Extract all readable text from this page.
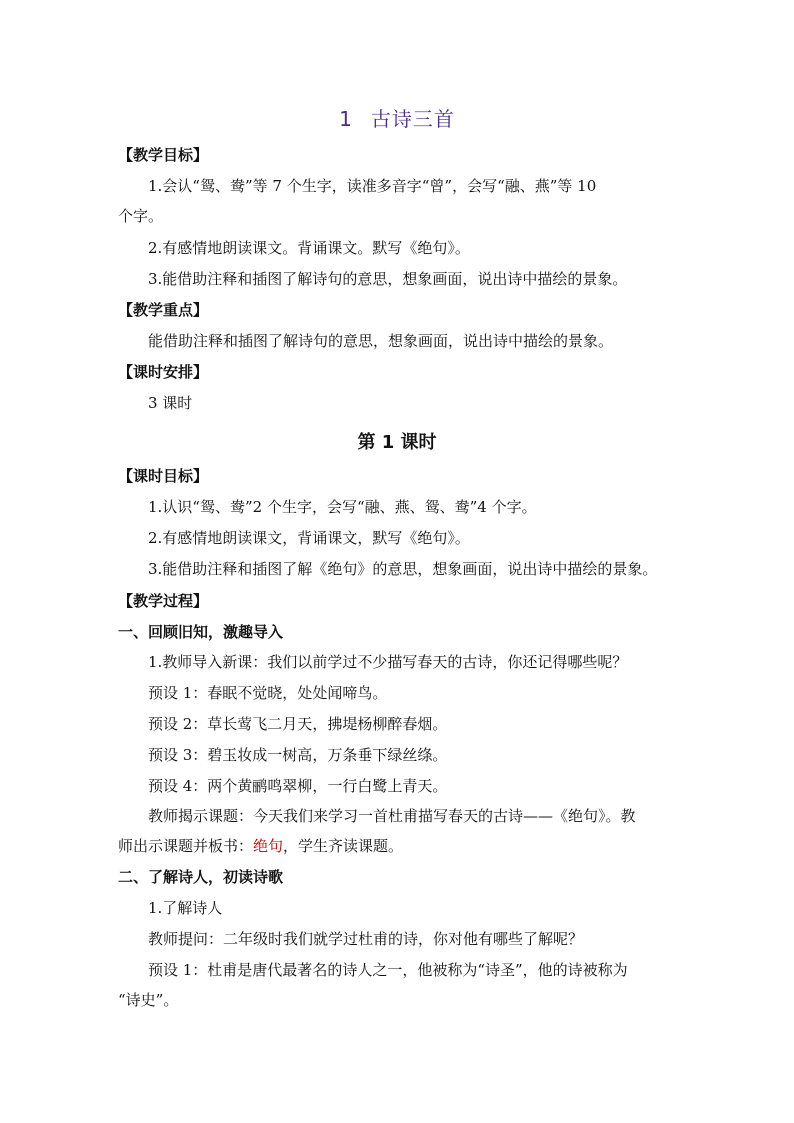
1 古诗三首
【教学目标】
1.会认“鸳、鸯”等 7 个生字，读准多音字“曾”，会写“融、燕”等 10
个字。
2.有感情地朗读课文。背诵课文。默写《绝句》。
3.能借助注释和插图了解诗句的意思，想象画面，说出诗中描绘的景象。
【教学重点】
能借助注释和插图了解诗句的意思，想象画面，说出诗中描绘的景象。
【课时安排】
3 课时
第 1 课时
【课时目标】
1.认识“鸳、鸯”2 个生字，会写“融、燕、鸳、鸯”4 个字。
2.有感情地朗读课文，背诵课文，默写《绝句》。
3.能借助注释和插图了解《绝句》的意思，想象画面，说出诗中描绘的景象。
【教学过程】
一、回顾旧知，激趣导入
1.教师导入新课：我们以前学过不少描写春天的古诗，你还记得哪些呢？
预设 1：春眠不觉晓，处处闻啼鸟。
预设 2：草长莺飞二月天，拂堤杨柳醉春烟。
预设 3：碧玉妆成一树高，万条垂下绿丝绦。
预设 4：两个黄鹂鸣翠柳，一行白鹭上青天。
教师揭示课题：今天我们来学习一首杜甫描写春天的古诗——《绝句》。教
师出示课题并板书：绝句，学生齐读课题。
二、了解诗人，初读诗歌
1.了解诗人
教师提问：二年级时我们就学过杜甫的诗，你对他有哪些了解呢？
预设 1：杜甫是唐代最著名的诗人之一，他被称为“诗圣”，他的诗被称为
“诗史”。
